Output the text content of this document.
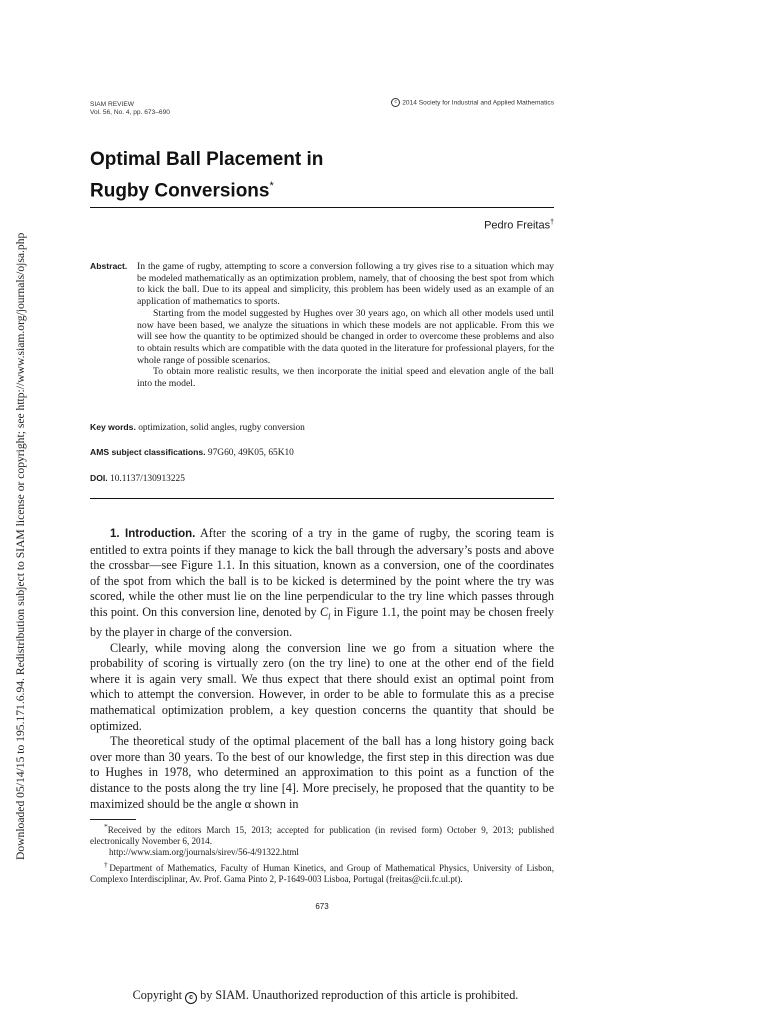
Downloaded 05/14/15 to 195.171.6.94. Redistribution subject to SIAM license or copyright; see http://www.siam.org/journals/ojsa.php
SIAM REVIEW
Vol. 56, No. 4, pp. 673–690
c 2014 Society for Industrial and Applied Mathematics
Optimal Ball Placement in
Rugby Conversions*
Pedro Freitas†
Abstract.	In the game of rugby, attempting to score a conversion following a try gives rise to a situation which may be modeled mathematically as an optimization problem, namely, that of choosing the best spot from which to kick the ball. Due to its appeal and simplicity, this problem has been widely used as an example of an application of mathematics to sports.

Starting from the model suggested by Hughes over 30 years ago, on which all other models used until now have been based, we analyze the situations in which these models are not applicable. From this we will see how the quantity to be optimized should be changed in order to overcome these problems and also to obtain results which are compatible with the data quoted in the literature for professional players, for the whole range of possible scenarios.

To obtain more realistic results, we then incorporate the initial speed and elevation angle of the ball into the model.

Key words. optimization, solid angles, rugby conversion
AMS subject classifications. 97G60, 49K05, 65K10
DOI. 10.1137/130913225

1. Introduction. After the scoring of a try in the game of rugby, the scoring team is entitled to extra points if they manage to kick the ball through the adversary’s posts and above the crossbar—see Figure 1.1. In this situation, known as a conversion, one of the coordinates of the spot from which the ball is to be kicked is determined by the point where the try was scored, while the other must lie on the line perpendicular to the try line which passes through this point. On this conversion line, denoted by $C_l$ in Figure 1.1, the point may be chosen freely by the player in charge of the conversion.

Clearly, while moving along the conversion line we go from a situation where the probability of scoring is virtually zero (on the try line) to one at the other end of the field where it is again very small. We thus expect that there should exist an optimal point from which to attempt the conversion. However, in order to be able to formulate this as a precise mathematical optimization problem, a key question concerns the quantity that should be optimized.

The theoretical study of the optimal placement of the ball has a long history going back over more than 30 years. To the best of our knowledge, the first step in this direction was due to Hughes in 1978, who determined an approximation to this point as a function of the distance to the posts along the try line [4]. More precisely, he proposed that the quantity to be maximized should be the angle α shown in

*Received by the editors March 15, 2013; accepted for publication (in revised form) October 9, 2013; published electronically November 6, 2014.

http://www.siam.org/journals/sirev/56-4/91322.html

†Department of Mathematics, Faculty of Human Kinetics, and Group of Mathematical Physics, University of Lisbon, Complexo Interdisciplinar, Av. Prof. Gama Pinto 2, P-1649-003 Lisboa, Portugal (freitas@cii.fc.ul.pt).

673
Copyright c by SIAM. Unauthorized reproduction of this article is prohibited.
